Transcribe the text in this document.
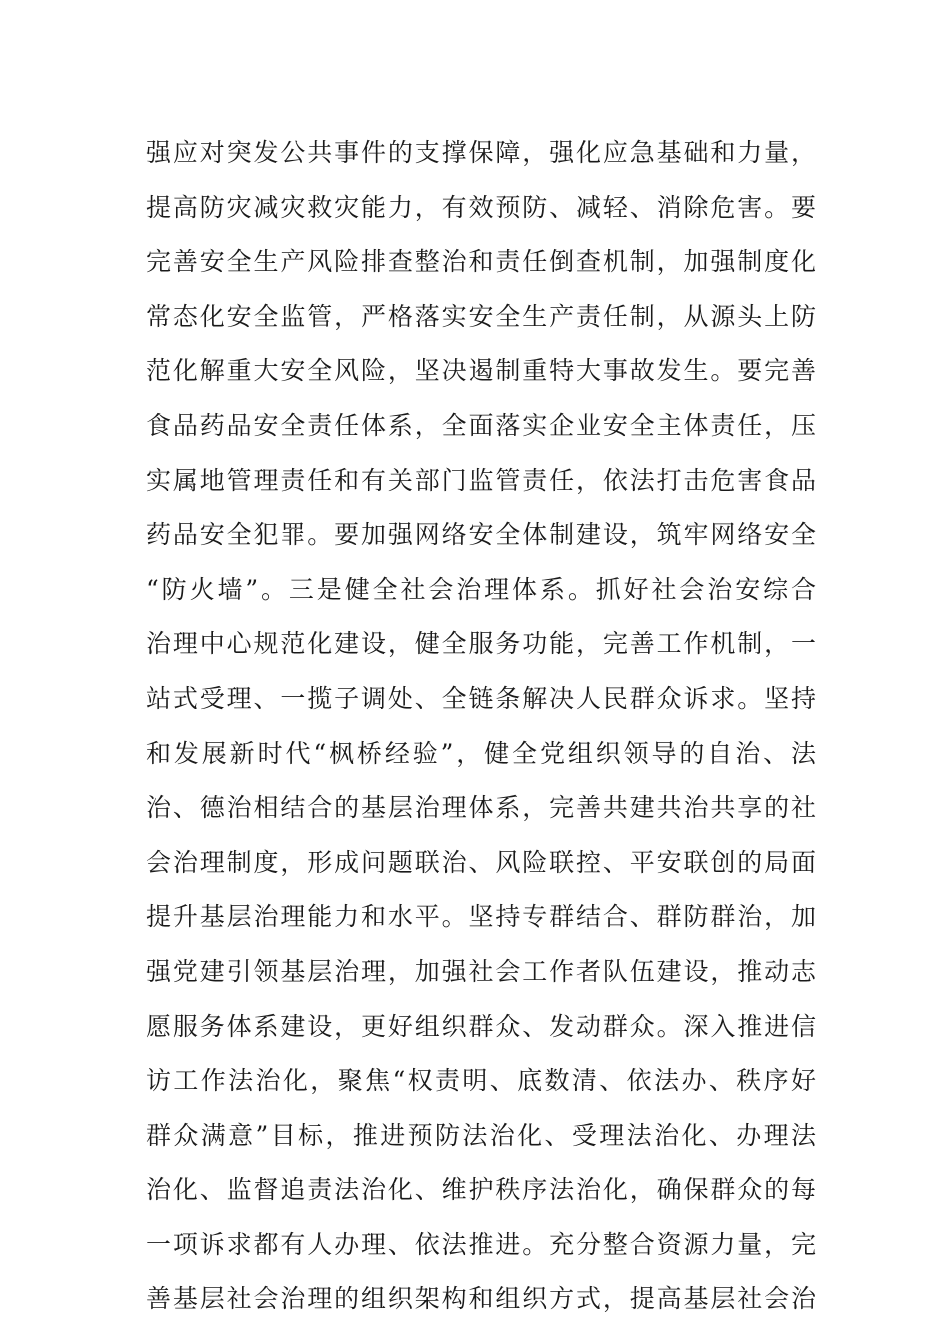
强应对突发公共事件的支撑保障，强化应急基础和力量，
提高防灾减灾救灾能力，有效预防、减轻、消除危害。要
完善安全生产风险排查整治和责任倒查机制，加强制度化
常态化安全监管，严格落实安全生产责任制，从源头上防
范化解重大安全风险，坚决遏制重特大事故发生。要完善
食品药品安全责任体系，全面落实企业安全主体责任，压
实属地管理责任和有关部门监管责任，依法打击危害食品
药品安全犯罪。要加强网络安全体制建设，筑牢网络安全
“防火墙”。三是健全社会治理体系。抓好社会治安综合
治理中心规范化建设，健全服务功能，完善工作机制，一
站式受理、一揽子调处、全链条解决人民群众诉求。坚持
和发展新时代“枫桥经验”，健全党组织领导的自治、法
治、德治相结合的基层治理体系，完善共建共治共享的社
会治理制度，形成问题联治、风险联控、平安联创的局面
提升基层治理能力和水平。坚持专群结合、群防群治，加
强党建引领基层治理，加强社会工作者队伍建设，推动志
愿服务体系建设，更好组织群众、发动群众。深入推进信
访工作法治化，聚焦“权责明、底数清、依法办、秩序好
群众满意”目标，推进预防法治化、受理法治化、办理法
治化、监督追责法治化、维护秩序法治化，确保群众的每
一项诉求都有人办理、依法推进。充分整合资源力量，完
善基层社会治理的组织架构和组织方式，提高基层社会治
